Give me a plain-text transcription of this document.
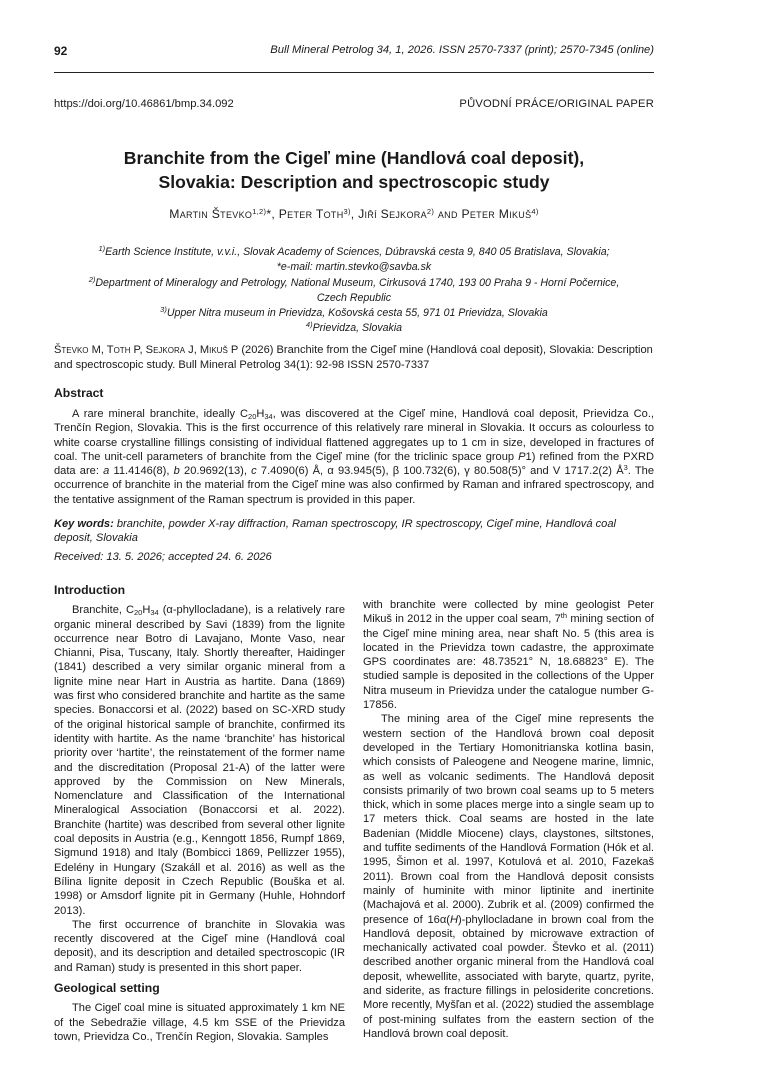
92	Bull Mineral Petrolog 34, 1, 2026. ISSN 2570-7337 (print); 2570-7345 (online)
https://doi.org/10.46861/bmp.34.092	PŮVODNÍ PRÁCE/ORIGINAL PAPER
Branchite from the Cigeľ mine (Handlová coal deposit),
Slovakia: Description and spectroscopic study
Martin Števko$^{1,2)}$*, Peter Toth$^{3)}$, Jiří Sejkora$^{2)}$ and Peter Mikuš$^{4)}$
$^{1)}$Earth Science Institute, v.v.i., Slovak Academy of Sciences, Dúbravská cesta 9, 840 05 Bratislava, Slovakia;
*e-mail: martin.stevko@savba.sk
$^{2)}$Department of Mineralogy and Petrology, National Museum, Cirkusová 1740, 193 00 Praha 9 - Horní Počernice,
Czech Republic
$^{3)}$Upper Nitra museum in Prievidza, Košovská cesta 55, 971 01 Prievidza, Slovakia
$^{4)}$Prievidza, Slovakia
Števko M, Toth P, Sejkora J, Mikuš P (2026) Branchite from the Cigeľ mine (Handlová coal deposit), Slovakia: Description and spectroscopic study. Bull Mineral Petrolog 34(1): 92-98 ISSN 2570-7337
Abstract
A rare mineral branchite, ideally $C_{20}H_{34}$, was discovered at the Cigeľ mine, Handlová coal deposit, Prievidza Co., Trenčín Region, Slovakia. This is the first occurrence of this relatively rare mineral in Slovakia. It occurs as colourless to white coarse crystalline fillings consisting of individual flattened aggregates up to 1 cm in size, developed in fractures of coal. The unit-cell parameters of branchite from the Cigeľ mine (for the triclinic space group P1) refined from the PXRD data are: a 11.4146(8), b 20.9692(13), c 7.4090(6) Å, α 93.945(5), β 100.732(6), γ 80.508(5)° and V 1717.2(2) $Å^3$. The occurrence of branchite in the material from the Cigeľ mine was also confirmed by Raman and infrared spectroscopy, and the tentative assignment of the Raman spectrum is provided in this paper.
Key words: branchite, powder X-ray diffraction, Raman spectroscopy, IR spectroscopy, Cigeľ mine, Handlová coal deposit, Slovakia
Received: 13. 5. 2026; accepted 24. 6. 2026
Introduction

Branchite, $C_{20}H_{34}$ (α-phyllocladane), is a relatively rare organic mineral described by Savi (1839) from the lignite occurrence near Botro di Lavajano, Monte Vaso, near Chianni, Pisa, Tuscany, Italy. Shortly thereafter, Haidinger (1841) described a very similar organic mineral from a lignite mine near Hart in Austria as hartite. Dana (1869) was first who considered branchite and hartite as the same species. Bonaccorsi et al. (2022) based on SC-XRD study of the original historical sample of branchite, confirmed its identity with hartite. As the name ‘branchite’ has historical priority over ‘hartite’, the reinstatement of the former name and the discreditation (Proposal 21-A) of the latter were approved by the Commission on New Minerals, Nomenclature and Classification of the International Mineralogical Association (Bonaccorsi et al. 2022). Branchite (hartite) was described from several other lignite coal deposits in Austria (e.g., Kenngott 1856, Rumpf 1869, Sigmund 1918) and Italy (Bombicci 1869, Pellizzer 1955), Edelény in Hungary (Szakáll et al. 2016) as well as the Bílina lignite deposit in Czech Republic (Bouška et al. 1998) or Amsdorf lignite pit in Germany (Huhle, Hohndorf 2013).

The first occurrence of branchite in Slovakia was recently discovered at the Cigeľ mine (Handlová coal deposit), and its description and detailed spectroscopic (IR and Raman) study is presented in this short paper.

Geological setting

The Cigeľ coal mine is situated approximately 1 km NE of the Sebedražie village, 4.5 km SSE of the Prievidza town, Prievidza Co., Trenčín Region, Slovakia. Samples

with branchite were collected by mine geologist Peter Mikuš in 2012 in the upper coal seam, 7th mining section of the Cigeľ mine mining area, near shaft No. 5 (this area is located in the Prievidza town cadastre, the approximate GPS coordinates are: 48.73521° N, 18.68823° E). The studied sample is deposited in the collections of the Upper Nitra museum in Prievidza under the catalogue number G-17856.

The mining area of the Cigeľ mine represents the western section of the Handlová brown coal deposit developed in the Tertiary Homonitrianska kotlina basin, which consists of Paleogene and Neogene marine, limnic, as well as volcanic sediments. The Handlová deposit consists primarily of two brown coal seams up to 5 meters thick, which in some places merge into a single seam up to 17 meters thick. Coal seams are hosted in the late Badenian (Middle Miocene) clays, claystones, siltstones, and tuffite sediments of the Handlová Formation (Hók et al. 1995, Šimon et al. 1997, Kotulová et al. 2010, Fazekaš 2011). Brown coal from the Handlová deposit consists mainly of huminite with minor liptinite and inertinite (Machajová et al. 2000). Zubrik et al. (2009) confirmed the presence of 16α(H)-phyllocladane in brown coal from the Handlová deposit, obtained by microwave extraction of mechanically activated coal powder. Števko et al. (2011) described another organic mineral from the Handlová coal deposit, whewellite, associated with baryte, quartz, pyrite, and siderite, as fracture fillings in pelosiderite concretions. More recently, Myšľan et al. (2022) studied the assemblage of post-mining sulfates from the eastern section of the Handlová brown coal deposit.
